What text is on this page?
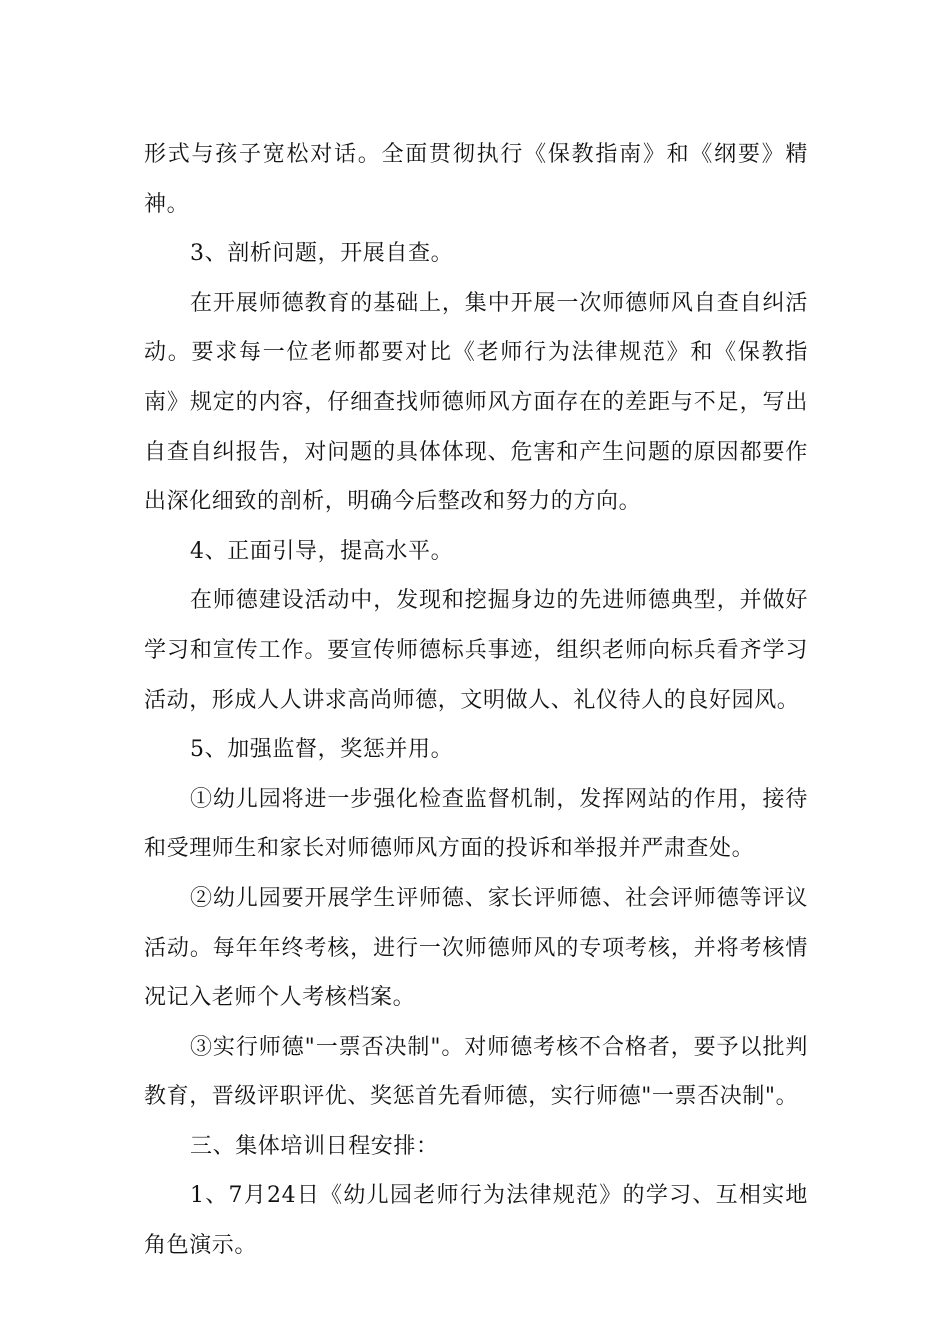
形式与孩子宽松对话。全面贯彻执行《保教指南》和《纲要》精神。

3、剖析问题，开展自查。

在开展师德教育的基础上，集中开展一次师德师风自查自纠活动。要求每一位老师都要对比《老师行为法律规范》和《保教指南》规定的内容，仔细查找师德师风方面存在的差距与不足，写出自查自纠报告，对问题的具体体现、危害和产生问题的原因都要作出深化细致的剖析，明确今后整改和努力的方向。

4、正面引导，提高水平。

在师德建设活动中，发现和挖掘身边的先进师德典型，并做好学习和宣传工作。要宣传师德标兵事迹，组织老师向标兵看齐学习活动，形成人人讲求高尚师德，文明做人、礼仪待人的良好园风。

5、加强监督，奖惩并用。

①幼儿园将进一步强化检查监督机制，发挥网站的作用，接待和受理师生和家长对师德师风方面的投诉和举报并严肃查处。

②幼儿园要开展学生评师德、家长评师德、社会评师德等评议活动。每年年终考核，进行一次师德师风的专项考核，并将考核情况记入老师个人考核档案。

③实行师德"一票否决制"。对师德考核不合格者，要予以批判教育，晋级评职评优、奖惩首先看师德，实行师德"一票否决制"。

三、集体培训日程安排：

1、7月24日《幼儿园老师行为法律规范》的学习、互相实地角色演示。
